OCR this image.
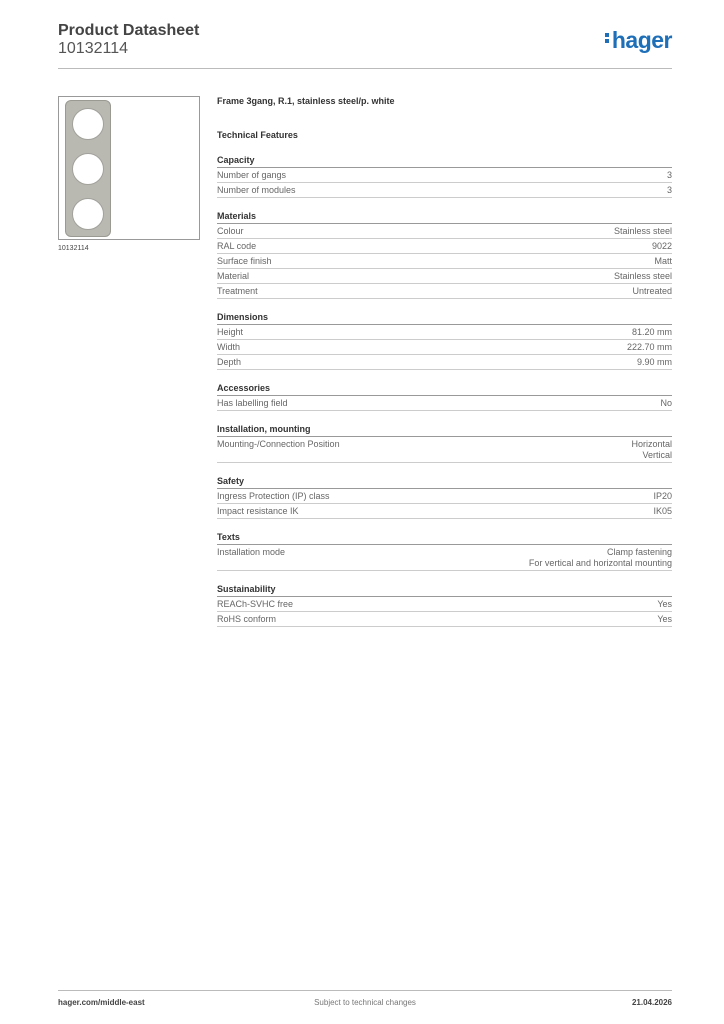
Product Datasheet
10132114	hager
10132114
Frame 3gang, R.1, stainless steel/p. white
Technical Features
Capacity
Number of gangs	3
Number of modules	3
Materials
Colour	Stainless steel
RAL code	9022
Surface finish	Matt
Material	Stainless steel
Treatment	Untreated
Dimensions
Height	81.20 mm
Width	222.70 mm
Depth	9.90 mm
Accessories
Has labelling field	No
Installation, mounting
Mounting-/Connection Position	Horizontal
Vertical
Safety
Ingress Protection (IP) class	IP20
Impact resistance IK	IK05
Texts
Installation mode	Clamp fastening
For vertical and horizontal mounting
Sustainability
REACh-SVHC free	Yes
RoHS conform	Yes
Subject to technical changes
hager.com/middle-east	21.04.2026
